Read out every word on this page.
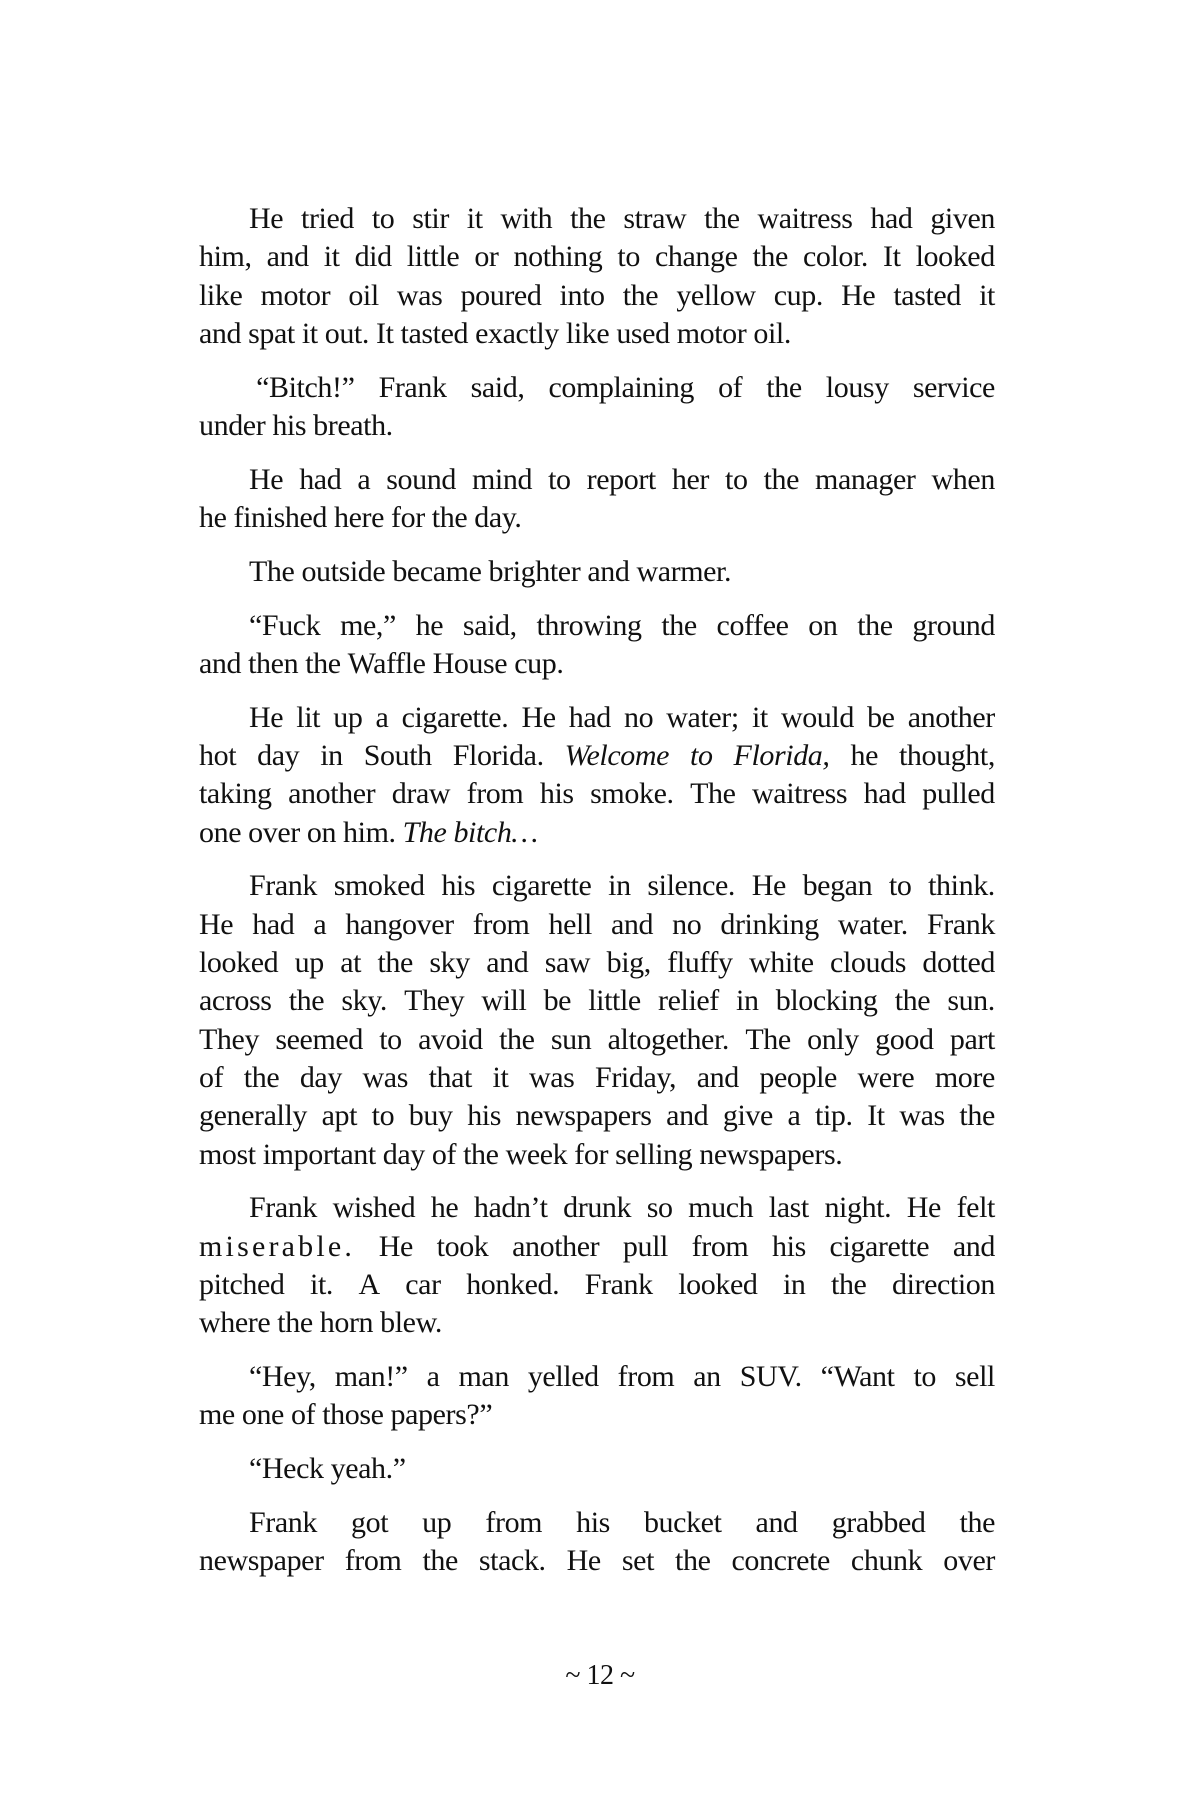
He tried to stir it with the straw the waitress had given
him, and it did little or nothing to change the color. It looked
like motor oil was poured into the yellow cup. He tasted it
and spat it out. It tasted exactly like used motor oil.
“Bitch!” Frank said, complaining of the lousy service
under his breath.
He had a sound mind to report her to the manager when
he finished here for the day.
The outside became brighter and warmer.
“Fuck me,” he said, throwing the coffee on the ground
and then the Waffle House cup.
He lit up a cigarette. He had no water; it would be another
hot day in South Florida. Welcome to Florida, he thought,
taking another draw from his smoke. The waitress had pulled
one over on him. The bitch…
Frank smoked his cigarette in silence. He began to think.
He had a hangover from hell and no drinking water. Frank
looked up at the sky and saw big, fluffy white clouds dotted
across the sky. They will be little relief in blocking the sun.
They seemed to avoid the sun altogether. The only good part
of the day was that it was Friday, and people were more
generally apt to buy his newspapers and give a tip. It was the
most important day of the week for selling newspapers.
Frank wished he hadn’t drunk so much last night. He felt
miserable. He took another pull from his cigarette and
pitched it. A car honked. Frank looked in the direction
where the horn blew.
“Hey, man!” a man yelled from an SUV. “Want to sell
me one of those papers?”
“Heck yeah.”
Frank got up from his bucket and grabbed the
newspaper from the stack. He set the concrete chunk over
~ 12 ~
